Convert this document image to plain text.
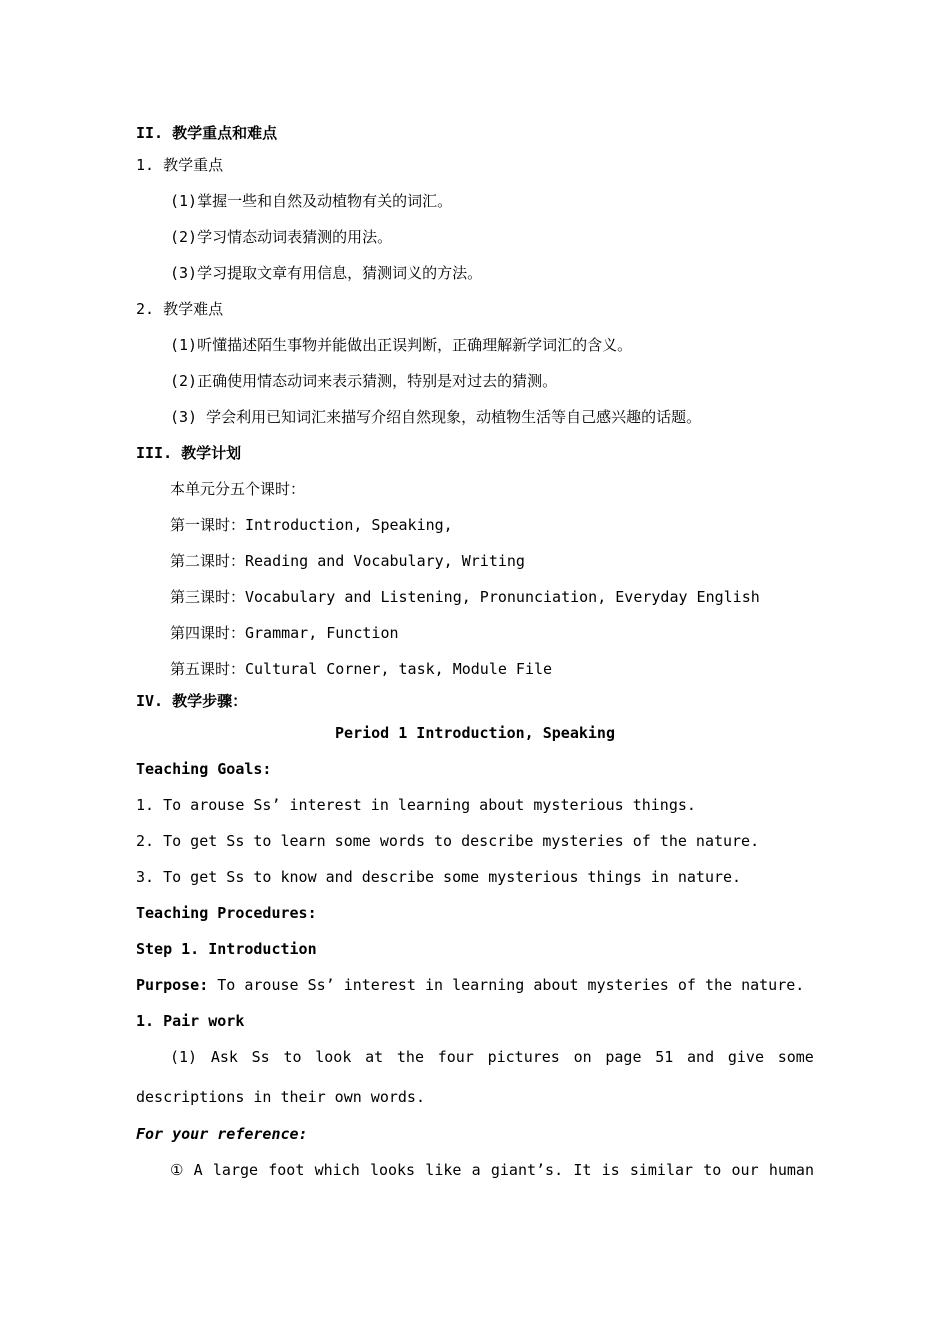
II. 教学重点和难点
1. 教学重点
(1)掌握一些和自然及动植物有关的词汇。
(2)学习情态动词表猜测的用法。
(3)学习提取文章有用信息，猜测词义的方法。
2. 教学难点
(1)听懂描述陌生事物并能做出正误判断，正确理解新学词汇的含义。
(2)正确使用情态动词来表示猜测，特别是对过去的猜测。
(3) 学会利用已知词汇来描写介绍自然现象，动植物生活等自己感兴趣的话题。
III. 教学计划
本单元分五个课时：
第一课时：Introduction, Speaking,
第二课时：Reading and Vocabulary, Writing
第三课时：Vocabulary and Listening, Pronunciation, Everyday English
第四课时：Grammar, Function
第五课时：Cultural Corner, task, Module File
IV. 教学步骤：
Period 1 Introduction, Speaking
Teaching Goals:
1. To arouse Ss’ interest in learning about mysterious things.
2. To get Ss to learn some words to describe mysteries of the nature.
3. To get Ss to know and describe some mysterious things in nature.
Teaching Procedures:
Step 1. Introduction
Purpose: To arouse Ss’ interest in learning about mysteries of the nature.
1. Pair work
(1) Ask Ss to look at the four pictures on page 51 and give some
descriptions in their own words.
For your reference:
① A large foot which looks like a giant’s. It is similar to our human
